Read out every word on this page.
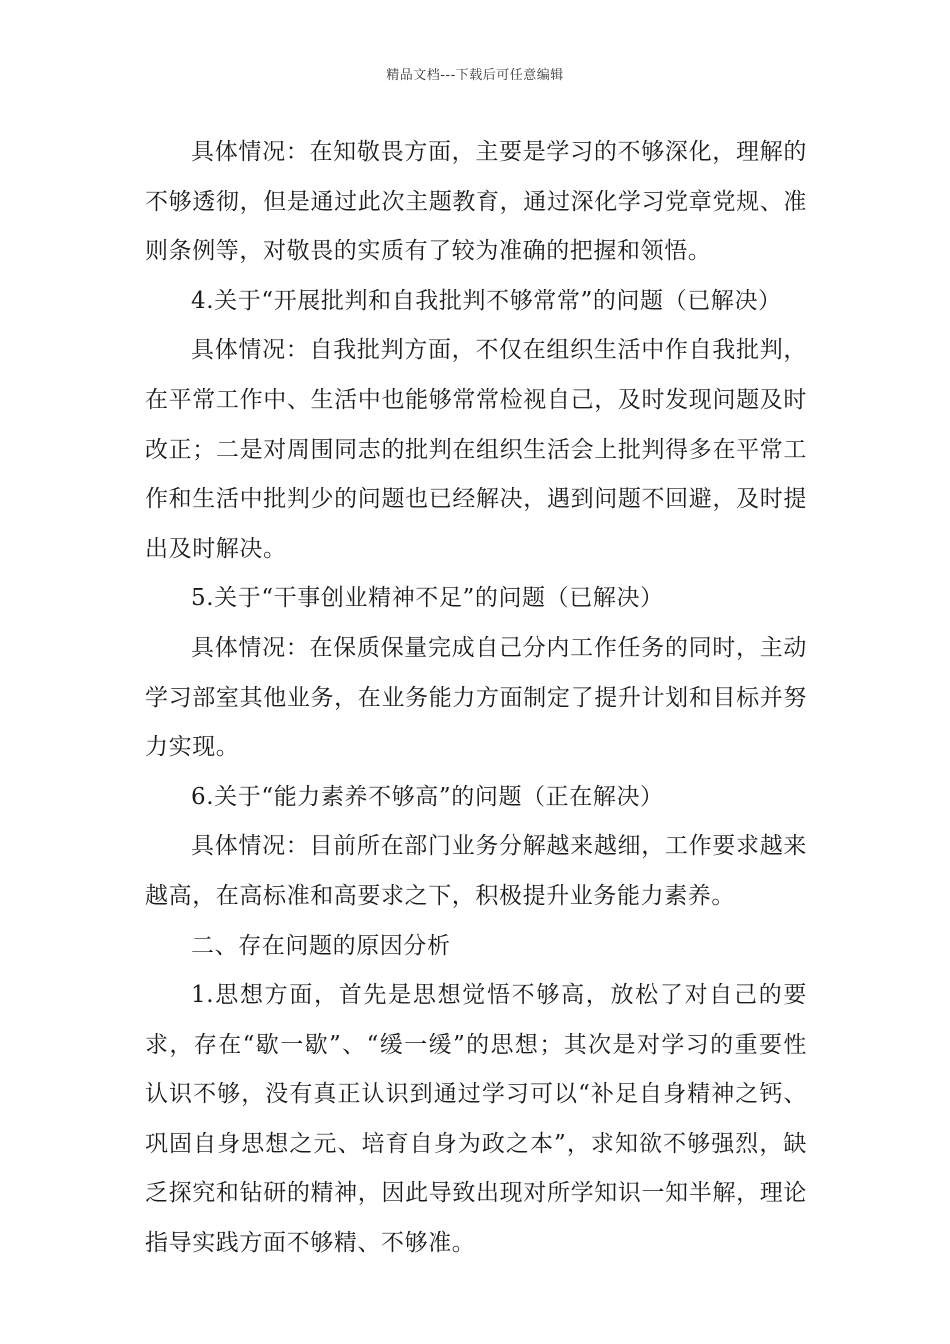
精品文档---下载后可任意编辑

具体情况：在知敬畏方面，主要是学习的不够深化，理解的不够透彻，但是通过此次主题教育，通过深化学习党章党规、准则条例等，对敬畏的实质有了较为准确的把握和领悟。

4.关于“开展批判和自我批判不够常常”的问题（已解决）

具体情况：自我批判方面，不仅在组织生活中作自我批判，在平常工作中、生活中也能够常常检视自己，及时发现问题及时改正；二是对周围同志的批判在组织生活会上批判得多在平常工作和生活中批判少的问题也已经解决，遇到问题不回避，及时提出及时解决。

5.关于“干事创业精神不足”的问题（已解决）

具体情况：在保质保量完成自己分内工作任务的同时，主动学习部室其他业务，在业务能力方面制定了提升计划和目标并努力实现。

6.关于“能力素养不够高”的问题（正在解决）

具体情况：目前所在部门业务分解越来越细，工作要求越来越高，在高标准和高要求之下，积极提升业务能力素养。

二、存在问题的原因分析

1.思想方面，首先是思想觉悟不够高，放松了对自己的要求，存在“歇一歇”、“缓一缓”的思想；其次是对学习的重要性认识不够，没有真正认识到通过学习可以“补足自身精神之钙、巩固自身思想之元、培育自身为政之本”，求知欲不够强烈，缺乏探究和钻研的精神，因此导致出现对所学知识一知半解，理论指导实践方面不够精、不够准。
